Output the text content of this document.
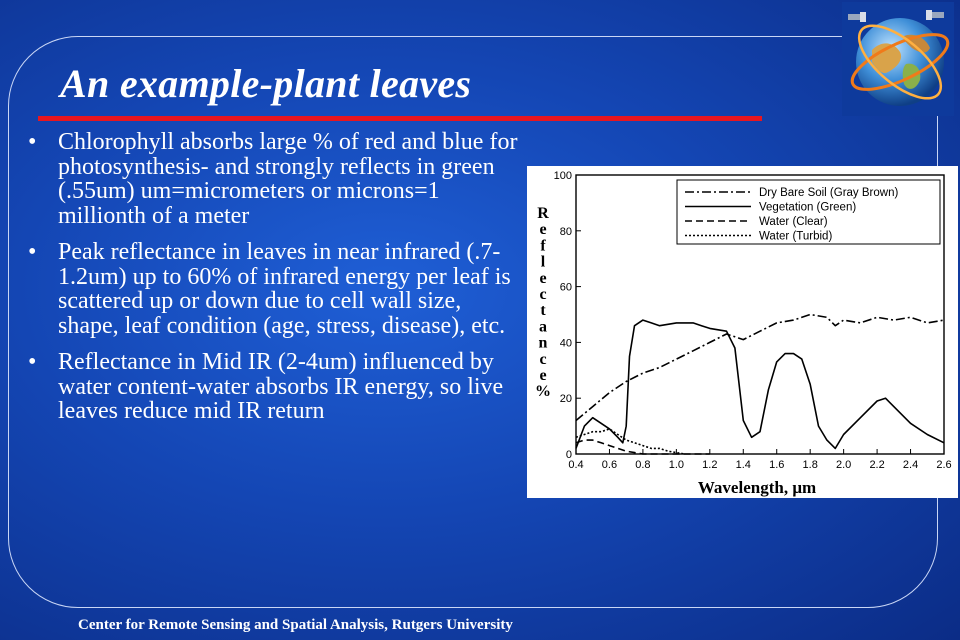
An example-plant leaves
• Chlorophyll absorbs large % of red and blue for photosynthesis- and strongly reflects in green (.55um) um=micrometers or microns=1 millionth of a meter
• Peak reflectance in leaves in near infrared (.7-1.2um) up to 60% of infrared energy per leaf is scattered up or down due to cell wall size, shape, leaf condition (age, stress, disease), etc.
• Reflectance in Mid IR (2-4um) influenced by water content-water absorbs IR energy, so live leaves reduce mid IR return
R
e
f
l
e
c
t
a
n
c
e
%
0.4 0.6 0.8 1.0 1.2 1.4 1.6 1.8 2.0 2.2 2.4 2.6
0
20
40
60
80
100
Dry Bare Soil (Gray Brown)
Vegetation (Green)
Water (Clear)
Water (Turbid)
Wavelength, μm
Center for Remote Sensing and Spatial Analysis, Rutgers University
